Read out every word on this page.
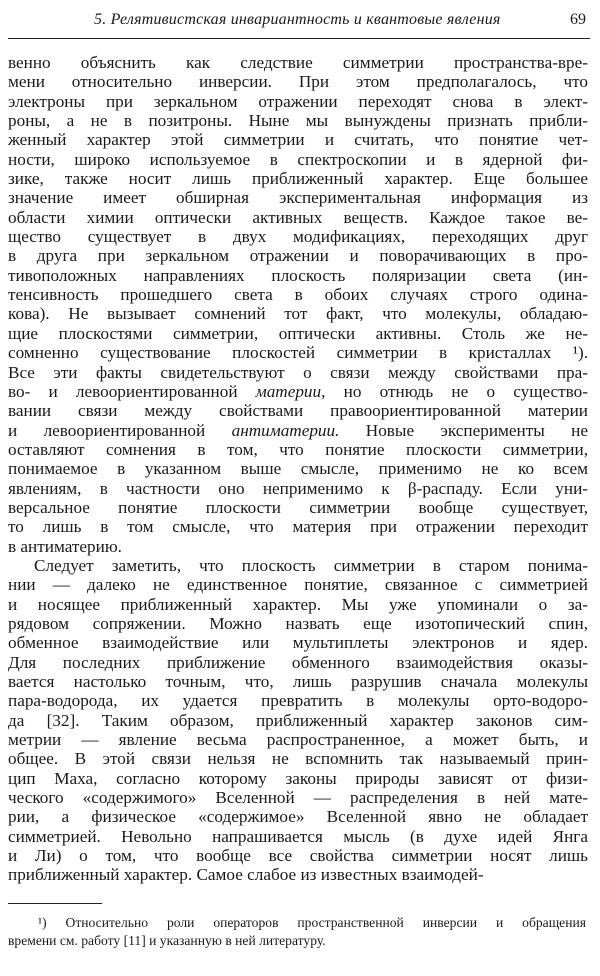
5. Релятивистская инвариантность и квантовые явления	69
венно объяснить как следствие симметрии пространства-вре-
мени относительно инверсии. При этом предполагалось, что
электроны при зеркальном отражении переходят снова в элект-
роны, а не в позитроны. Ныне мы вынуждены признать прибли-
женный характер этой симметрии и считать, что понятие чет-
ности, широко используемое в спектроскопии и в ядерной фи-
зике, также носит лишь приближенный характер. Еще большее
значение имеет обширная экспериментальная информация из
области химии оптически активных веществ. Каждое такое ве-
щество существует в двух модификациях, переходящих друг
в друга при зеркальном отражении и поворачивающих в про-
тивоположных направлениях плоскость поляризации света (ин-
тенсивность прошедшего света в обоих случаях строго одина-
кова). Не вызывает сомнений тот факт, что молекулы, обладаю-
щие плоскостями симметрии, оптически активны. Столь же не-
сомненно существование плоскостей симметрии в кристаллах ¹).
Все эти факты свидетельствуют о связи между свойствами пра-
во- и левоориентированной материи, но отнюдь не о существо-
вании связи между свойствами правоориентированной материи
и левоориентированной антиматерии. Новые эксперименты не
оставляют сомнения в том, что понятие плоскости симметрии,
понимаемое в указанном выше смысле, применимо не ко всем
явлениям, в частности оно неприменимо к β-распаду. Если уни-
версальное понятие плоскости симметрии вообще существует,
то лишь в том смысле, что материя при отражении переходит
в антиматерию.
Следует заметить, что плоскость симметрии в старом понима-
нии — далеко не единственное понятие, связанное с симметрией
и носящее приближенный характер. Мы уже упоминали о за-
рядовом сопряжении. Можно назвать еще изотопический спин,
обменное взаимодействие или мультиплеты электронов и ядер.
Для последних приближение обменного взаимодействия оказы-
вается настолько точным, что, лишь разрушив сначала молекулы
пара-водорода, их удается превратить в молекулы орто-водоро-
да [32]. Таким образом, приближенный характер законов сим-
метрии — явление весьма распространенное, а может быть, и
общее. В этой связи нельзя не вспомнить так называемый прин-
цип Маха, согласно которому законы природы зависят от физи-
ческого «содержимого» Вселенной — распределения в ней мате-
рии, а физическое «содержимое» Вселенной явно не обладает
симметрией. Невольно напрашивается мысль (в духе идей Янга
и Ли) о том, что вообще все свойства симметрии носят лишь
приближенный характер. Самое слабое из известных взаимодей-
¹) Относительно роли операторов пространственной инверсии и обращения
времени см. работу [11] и указанную в ней литературу.
